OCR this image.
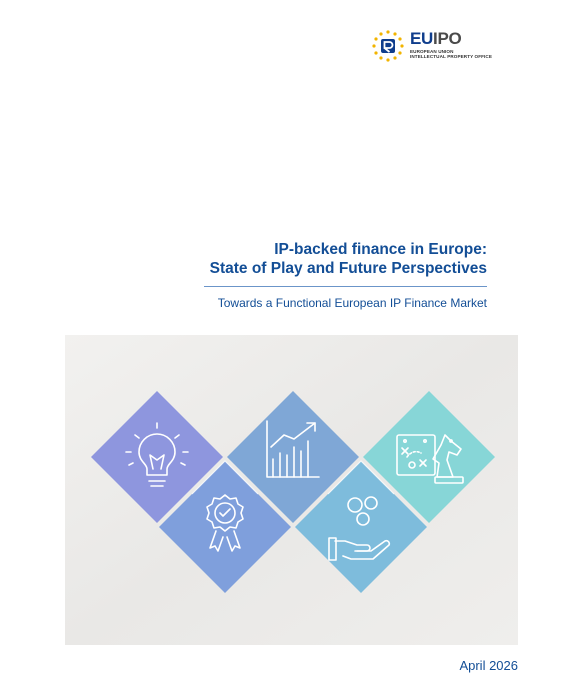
EUIPO
EUROPEAN UNION
INTELLECTUAL PROPERTY OFFICE
IP-backed finance in Europe:
State of Play and Future Perspectives
Towards a Functional European IP Finance Market
April 2026
